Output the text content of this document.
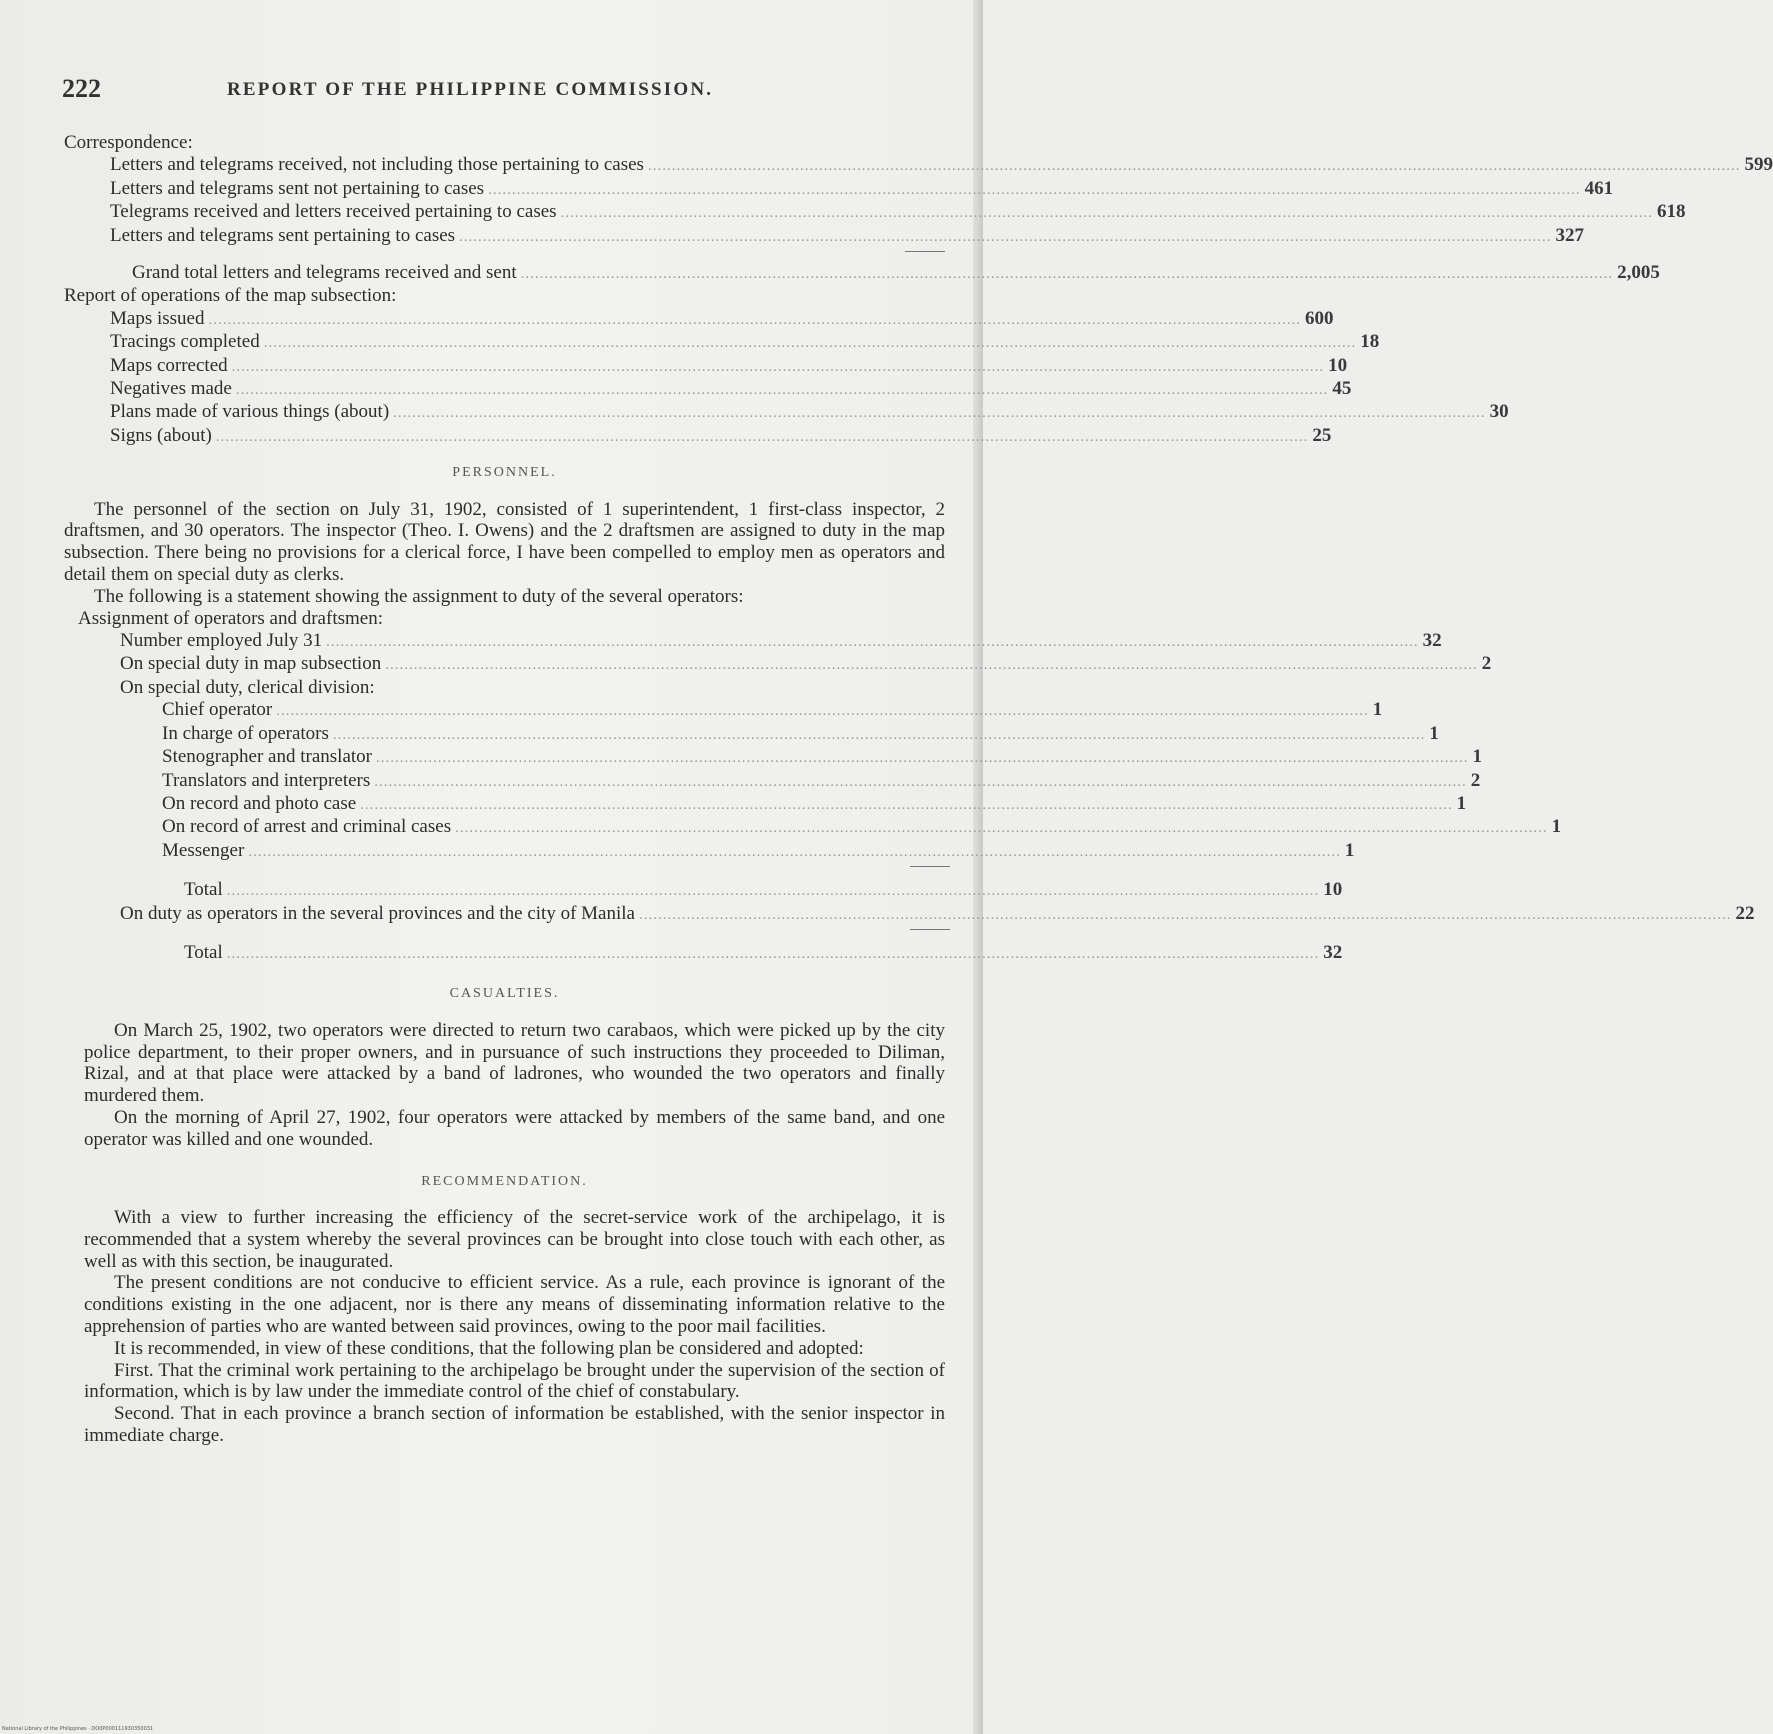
222	REPORT OF THE PHILIPPINE COMMISSION.
Correspondence:
Letters and telegrams received, not including those pertaining to cases .....	599
Letters and telegrams sent not pertaining to cases .....	461
Telegrams received and letters received pertaining to cases .....	618
Letters and telegrams sent pertaining to cases .....	327
Grand total letters and telegrams received and sent .....	2,005
Report of operations of the map subsection:
Maps issued .....	600
Tracings completed .....	18
Maps corrected .....	10
Negatives made .....	45
Plans made of various things (about) .....	30
Signs (about) .....	25
PERSONNEL.

The personnel of the section on July 31, 1902, consisted of 1 superintendent, 1 first-class inspector, 2 draftsmen, and 30 operators. The inspector (Theo. I. Owens) and the 2 draftsmen are assigned to duty in the map subsection. There being no provisions for a clerical force, I have been compelled to employ men as operators and detail them on special duty as clerks.

The following is a statement showing the assignment to duty of the several operators:

Assignment of operators and draftsmen:
Number employed July 31 .....	32
On special duty in map subsection .....	2
On special duty, clerical division:
Chief operator .....	1
In charge of operators .....	1
Stenographer and translator .....	1
Translators and interpreters .....	2
On record and photo case .....	1
On record of arrest and criminal cases .....	1
Messenger .....	1
Total .....	10
On duty as operators in the several provinces and the city of Manila .....	22
Total .....	32
CASUALTIES.

On March 25, 1902, two operators were directed to return two carabaos, which were picked up by the city police department, to their proper owners, and in pursuance of such instructions they proceeded to Diliman, Rizal, and at that place were attacked by a band of ladrones, who wounded the two operators and finally murdered them.

On the morning of April 27, 1902, four operators were attacked by members of the same band, and one operator was killed and one wounded.

RECOMMENDATION.

With a view to further increasing the efficiency of the secret-service work of the archipelago, it is recommended that a system whereby the several provinces can be brought into close touch with each other, as well as with this section, be inaugurated.

The present conditions are not conducive to efficient service. As a rule, each province is ignorant of the conditions existing in the one adjacent, nor is there any means of disseminating information relative to the apprehension of parties who are wanted between said provinces, owing to the poor mail facilities.

It is recommended, in view of these conditions, that the following plan be considered and adopted:

First. That the criminal work pertaining to the archipelago be brought under the supervision of the section of information, which is by law under the immediate control of the chief of constabulary.

Second. That in each province a branch section of information be established, with the senior inspector in immediate charge.

National Library of the Philippines · DO0P000111930350031
